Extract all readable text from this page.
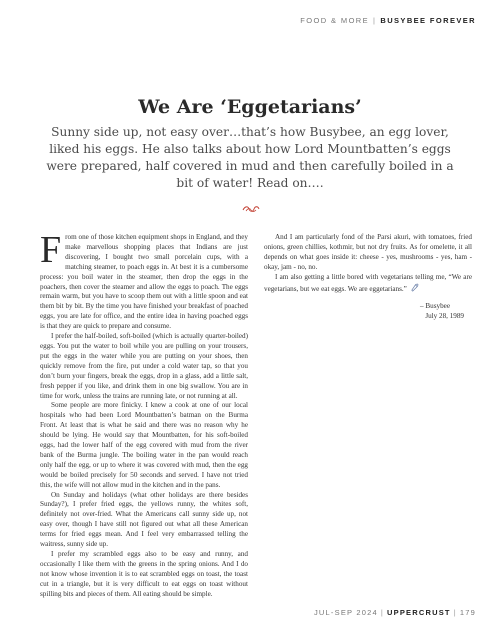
FOOD & MORE | BUSYBEE FOREVER
We Are ‘Eggetarians’
Sunny side up, not easy over…that’s how Busybee, an egg lover, liked his eggs. He also talks about how Lord Mountbatten’s eggs were prepared, half covered in mud and then carefully boiled in a bit of water! Read on….

From one of those kitchen equipment shops in England, and they make marvellous shopping places that Indians are just discovering, I bought two small porcelain cups, with a matching steamer, to poach eggs in. At best it is a cumbersome process: you boil water in the steamer, then drop the eggs in the poachers, then cover the steamer and allow the eggs to poach. The eggs remain warm, but you have to scoop them out with a little spoon and eat them bit by bit. By the time you have finished your breakfast of poached eggs, you are late for office, and the entire idea in having poached eggs is that they are quick to prepare and consume.

I prefer the half-boiled, soft-boiled (which is actually quarter-boiled) eggs. You put the water to boil while you are pulling on your trousers, put the eggs in the water while you are putting on your shoes, then quickly remove from the fire, put under a cold water tap, so that you don’t burn your fingers, break the eggs, drop in a glass, add a little salt, fresh pepper if you like, and drink them in one big swallow. You are in time for work, unless the trains are running late, or not running at all.

Some people are more finicky. I knew a cook at one of our local hospitals who had been Lord Mountbatten’s batman on the Burma Front. At least that is what he said and there was no reason why he should be lying. He would say that Mountbatten, for his soft-boiled eggs, had the lower half of the egg covered with mud from the river bank of the Burma jungle. The boiling water in the pan would reach only half the egg, or up to where it was covered with mud, then the egg would be boiled precisely for 50 seconds and served. I have not tried this, the wife will not allow mud in the kitchen and in the pans.

On Sunday and holidays (what other holidays are there besides Sunday?), I prefer fried eggs, the yellows runny, the whites soft, definitely not over-fried. What the Americans call sunny side up, not easy over, though I have still not figured out what all these American terms for fried eggs mean. And I feel very embarrassed telling the waitress, sunny side up.

I prefer my scrambled eggs also to be easy and runny, and occasionally I like them with the greens in the spring onions. And I do not know whose invention it is to eat scrambled eggs on toast, the toast cut in a triangle, but it is very difficult to eat eggs on toast without spilling bits and pieces of them. All eating should be simple.

And I am particularly fond of the Parsi akuri, with tomatoes, fried onions, green chillies, kothmir, but not dry fruits. As for omelette, it all depends on what goes inside it: cheese - yes, mushrooms - yes, ham - okay, jam - no, no.

I am also getting a little bored with vegetarians telling me, “We are vegetarians, but we eat eggs. We are eggetarians.”

– Busybee

July 28, 1989

JUL-SEP 2024 | UPPERCRUST | 179
